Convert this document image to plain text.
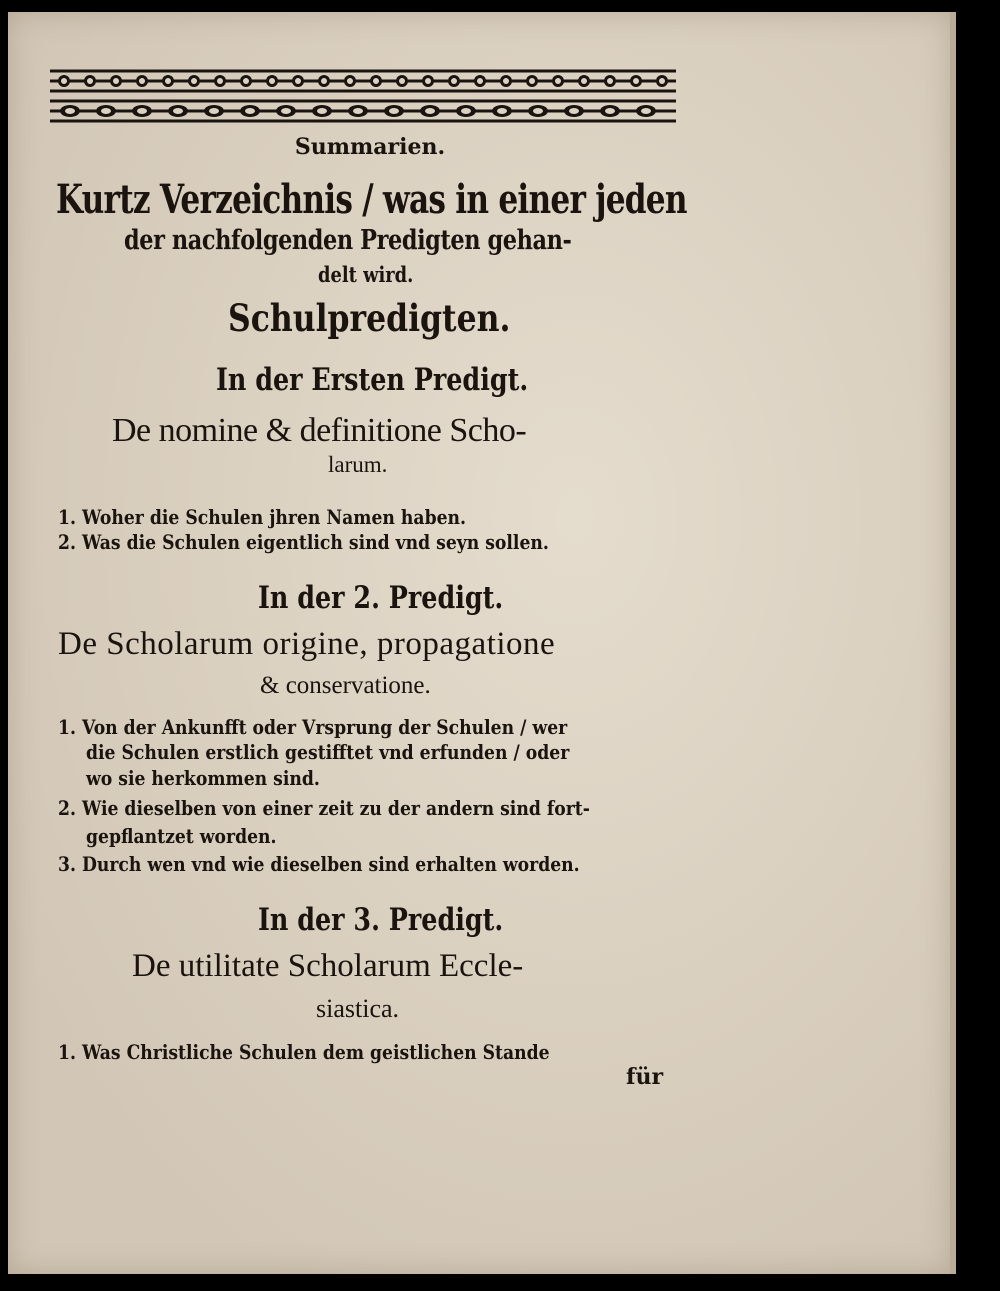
Summarien.
Kurtz Verzeichnis / was in einer jeden
der nachfolgenden Predigten gehan-
delt wird.
Schulpredigten.
In der Ersten Predigt.
De nomine & definitione Scho-
larum.
1. Woher die Schulen jhren Namen haben.
2. Was die Schulen eigentlich sind vnd seyn sollen.
In der 2. Predigt.
De Scholarum origine, propagatione
& conservatione.
1. Von der Ankunfft oder Vrsprung der Schulen / wer
die Schulen erstlich gestifftet vnd erfunden / oder
wo sie herkommen sind.
2. Wie dieselben von einer zeit zu der andern sind fort-
gepflantzet worden.
3. Durch wen vnd wie dieselben sind erhalten worden.
In der 3. Predigt.
De utilitate Scholarum Eccle-
siastica.
1. Was Christliche Schulen dem geistlichen Stande
für
